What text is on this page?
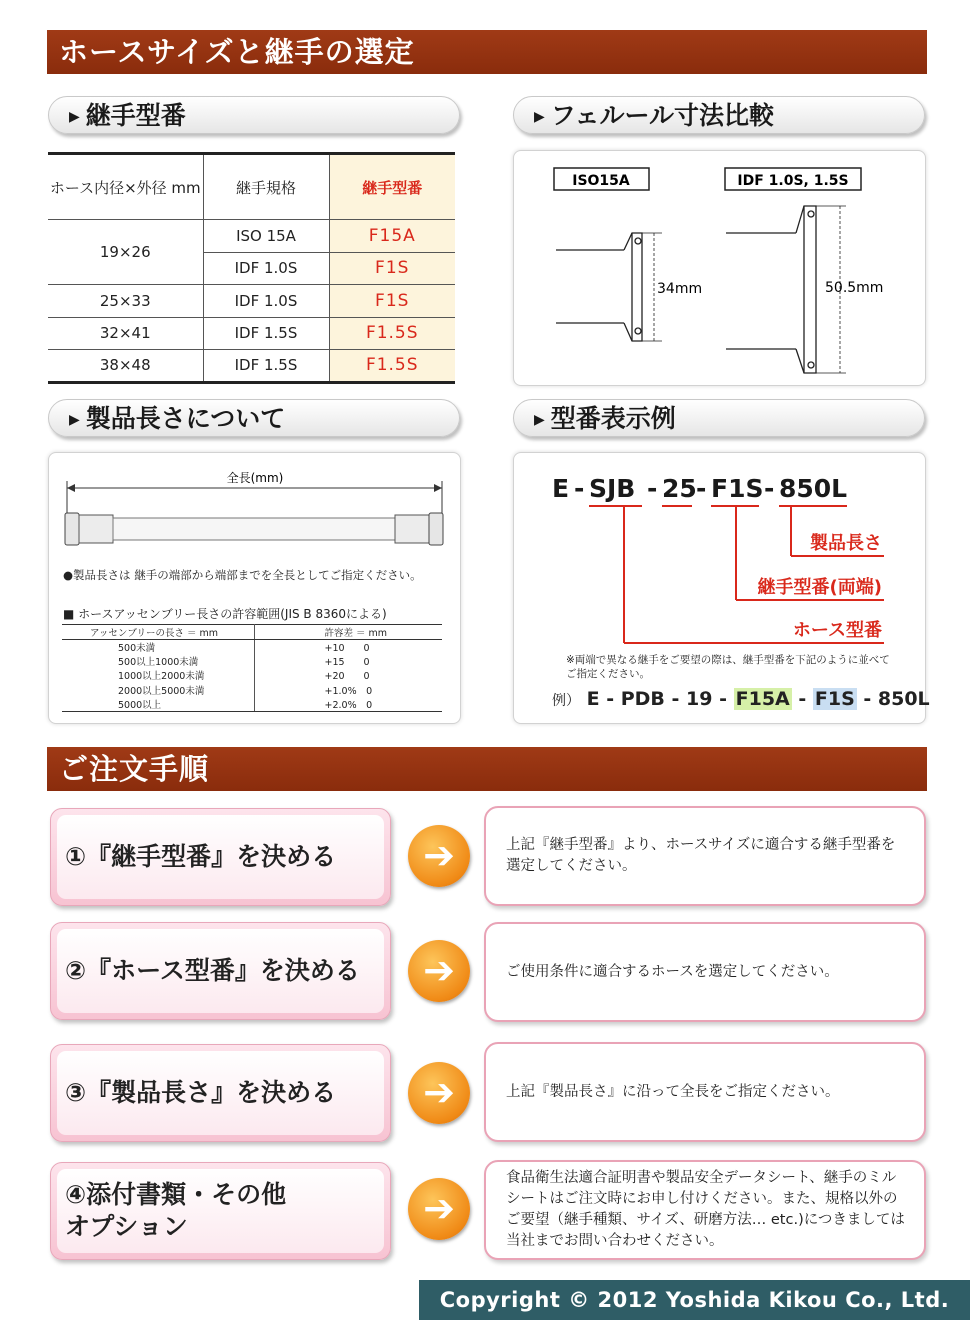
ホースサイズと継手の選定
▶ 継手型番	▶ フェルール寸法比較
▶ 製品長さについて	▶ 型番表示例
ホース内径×外径 mm	継手規格	継手型番
19×26	ISO 15A	F15A
	IDF 1.0S	F1S
25×33	IDF 1.0S	F1S
32×41	IDF 1.5S	F1.5S
38×48	IDF 1.5S	F1.5S
ISO15A	IDF 1.0S, 1.5S
34mm	50.5mm
全長(mm)
●製品長さは 継手の端部から端部までを全長としてご指定ください。
■ ホースアッセンブリー長さの許容範囲(JIS B 8360による)
アッセンブリーの長さ ＝ mm	許容差 ＝ mm
500未満	+10　　0
500以上1000未満	+15　　0
1000以上2000未満	+20　　0
2000以上5000未満	+1.0%　0
5000以上	+2.0%　0
E - SJB - 25 - F1S - 850L
製品長さ
継手型番(両端)
ホース型番
※両端で異なる継手をご要望の際は、継手型番を下記のように並べてご指定ください。
例） E - PDB - 19 - F15A - F1S - 850L
ご注文手順
①『継手型番』を決める	➔	上記『継手型番』より、ホースサイズに適合する継手型番を選定してください。
②『ホース型番』を決める	➔	ご使用条件に適合するホースを選定してください。
③『製品長さ』を決める	➔	上記『製品長さ』に沿って全長をご指定ください。
④添付書類・その他オプション	➔
食品衛生法適合証明書や製品安全データシート、継手のミルシートはご注文時にお申し付けください。また、規格以外のご要望（継手種類、サイズ、研磨方法… etc.)につきましては当社までお問い合わせください。
Copyright © 2012 Yoshida Kikou Co., Ltd.
